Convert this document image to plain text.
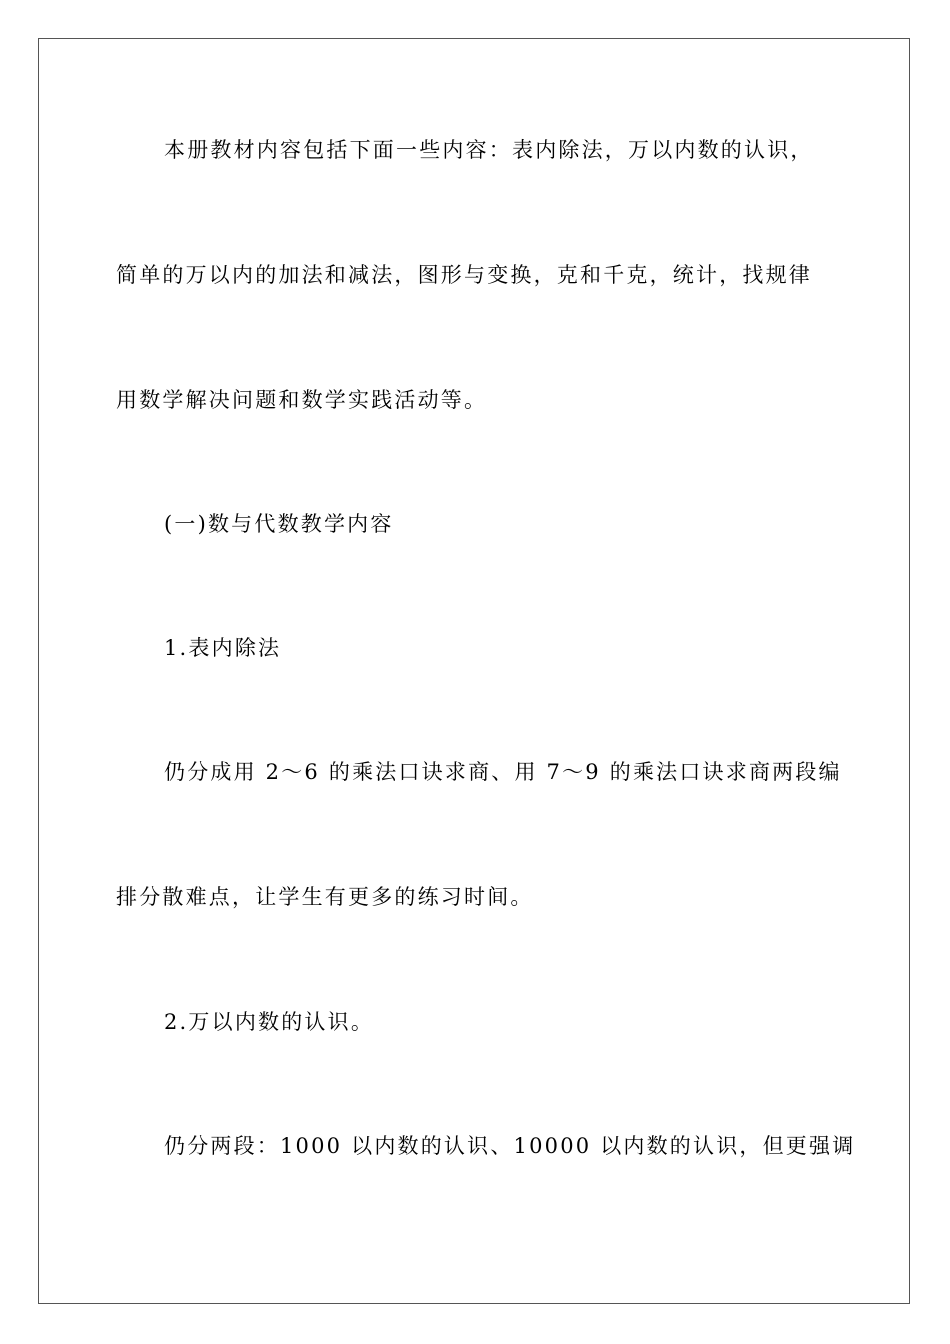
本册教材内容包括下面一些内容：表内除法，万以内数的认识，
简单的万以内的加法和减法，图形与变换，克和千克，统计，找规律
用数学解决问题和数学实践活动等。
(一)数与代数教学内容
1.表内除法
仍分成用 2～6 的乘法口诀求商、用 7～9 的乘法口诀求商两段编
排分散难点，让学生有更多的练习时间。
2.万以内数的认识。
仍分两段：1000 以内数的认识、10000 以内数的认识，但更强调
